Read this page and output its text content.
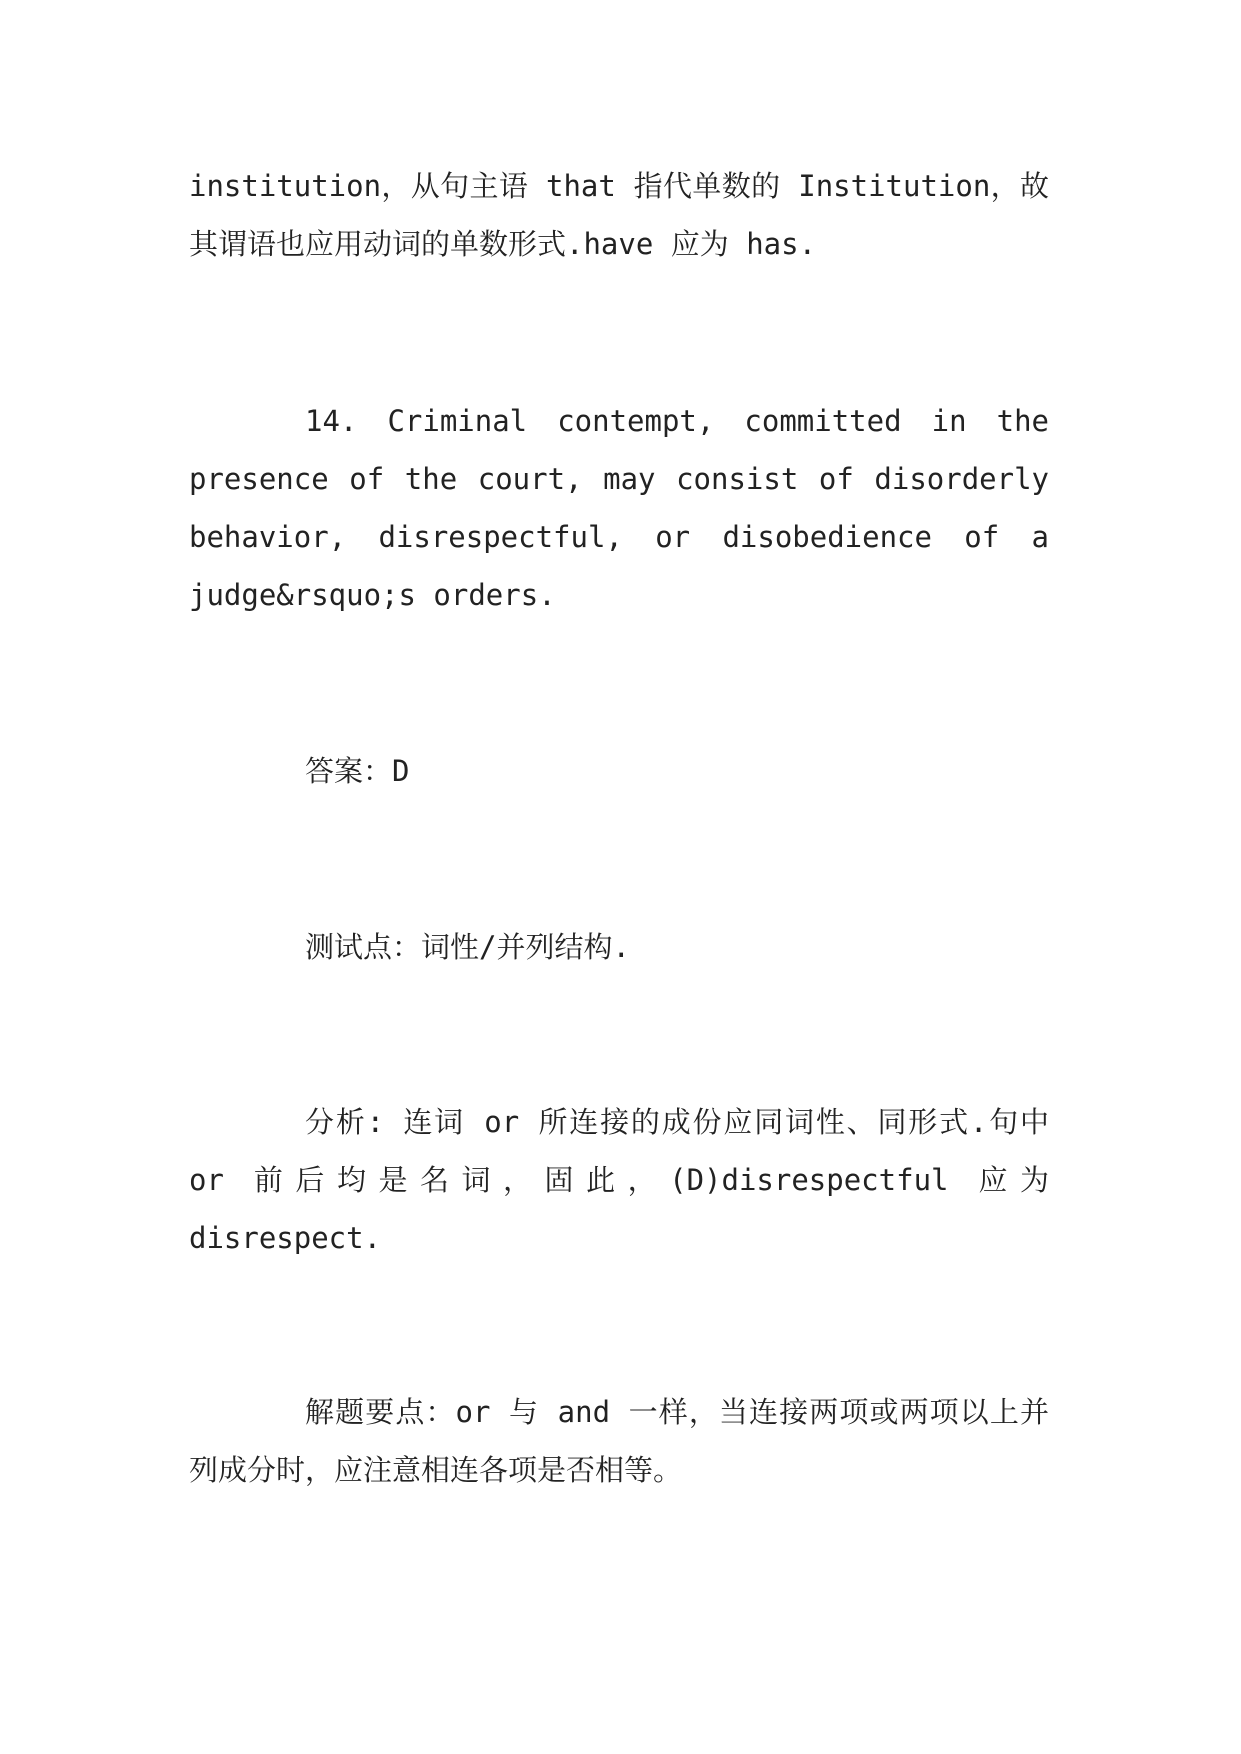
institution，从句主语 that 指代单数的 Institution，故其谓语也应用动词的单数形式.have 应为 has.

14. Criminal contempt, committed in the presence of the court, may consist of disorderly behavior, disrespectful, or disobedience of a judge&rsquo;s orders.

答案：D

测试点：词性/并列结构.

分析: 连词 or 所连接的成份应同词性、同形式.句中 or 前后均是名词，固此，(D)disrespectful 应为 disrespect.

解题要点：or 与 and 一样，当连接两项或两项以上并列成分时，应注意相连各项是否相等。
